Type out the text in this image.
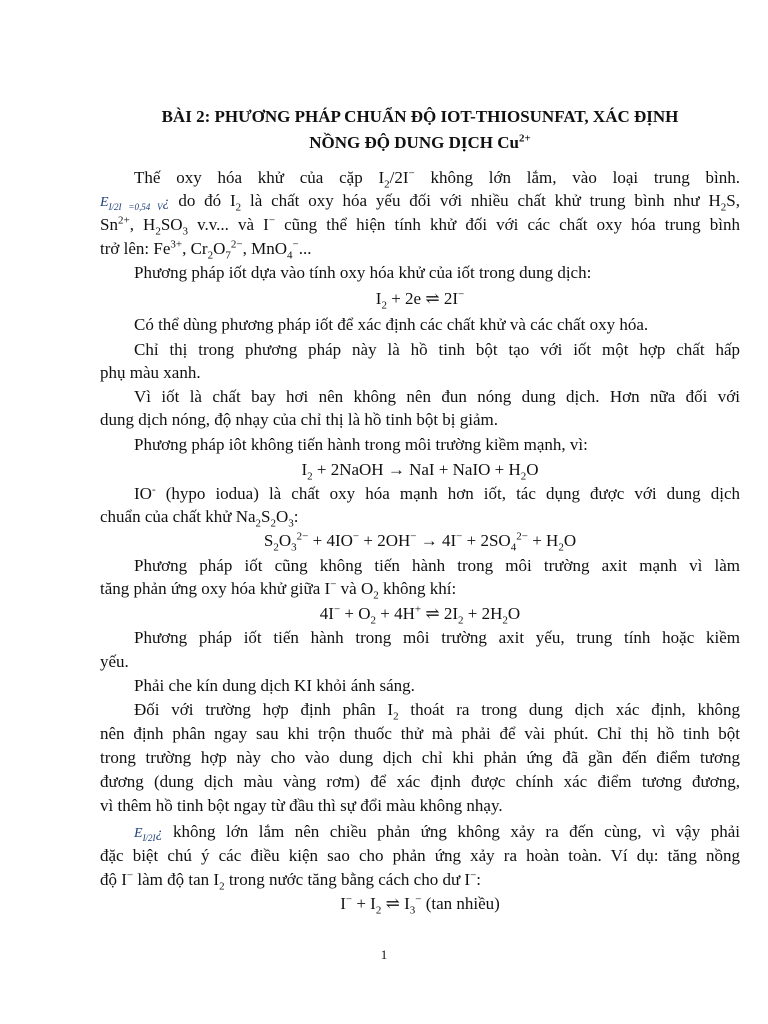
BÀI 2: PHƯƠNG PHÁP CHUẨN ĐỘ IOT-THIOSUNFAT, XÁC ĐỊNH
NỒNG ĐỘ DUNG DỊCH $Cu^{2+}$
Thế oxy hóa khử của cặp $I_2/2I^-$ không lớn lắm, vào loại trung bình.
$E_{I/2I =0,54 V}¿$ do đó $I_2$ là chất oxy hóa yếu đối với nhiều chất khử trung bình như $H_2S$,
$Sn^{2+}$, $H_2SO_3$ v.v... và I− cũng thể hiện tính khử đối với các chất oxy hóa trung bình
trở lên: $Fe^{3+}$, $Cr_2O_7^{2-}$, MnO$_4$−...
Phương pháp iốt dựa vào tính oxy hóa khử của iốt trong dung dịch:
$I_2 + 2e$ ⇌ 2I−
Có thể dùng phương pháp iốt để xác định các chất khử và các chất oxy hóa.
Chỉ thị trong phương pháp này là hồ tinh bột tạo với iốt một hợp chất hấp
phụ màu xanh.
Vì iốt là chất bay hơi nên không nên đun nóng dung dịch. Hơn nữa đối với
dung dịch nóng, độ nhạy của chỉ thị là hồ tinh bột bị giảm.
Phương pháp iôt không tiến hành trong môi trường kiềm mạnh, vì:
$I_2$ + 2NaOH → NaI + NaIO + $H_2O$
IO- (hypo iodua) là chất oxy hóa mạnh hơn iốt, tác dụng được với dung dịch
chuẩn của chất khử $Na_2S_2O_3$:
$S_2O_3^{2-} + 4IO^- + 2OH^- \to 4I^- + 2SO_4^{2-} + H_2O$
Phương pháp iốt cũng không tiến hành trong môi trường axit mạnh vì làm
tăng phản ứng oxy hóa khử giữa I− và $O_2$ không khí:
$4I^- + O_2 + 4H^+$ ⇌ $2I_2 + 2H_2O$
Phương pháp iốt tiến hành trong môi trường axit yếu, trung tính hoặc kiềm
yếu.
Phải che kín dung dịch KI khỏi ánh sáng.
Đối với trường hợp định phân $I_2$ thoát ra trong dung dịch xác định, không
nên định phân ngay sau khi trộn thuốc thử mà phải để vài phút. Chỉ thị hồ tinh bột
trong trường hợp này cho vào dung dịch chỉ khi phản ứng đã gần đến điểm tương
đương (dung dịch màu vàng rơm) để xác định được chính xác điểm tương đương,
vì thêm hồ tinh bột ngay từ đầu thì sự đổi màu không nhạy.
$E_{I/2I}¿$ không lớn lắm nên chiều phản ứng không xảy ra đến cùng, vì vậy phải
đặc biệt chú ý các điều kiện sao cho phản ứng xảy ra hoàn toàn. Ví dụ: tăng nồng
độ I− làm độ $\tan I_2$ trong nước tăng bằng cách cho dư I−:
$I^- + I_2$ ⇌ $I_3^-$ (tan nhiều)
1
